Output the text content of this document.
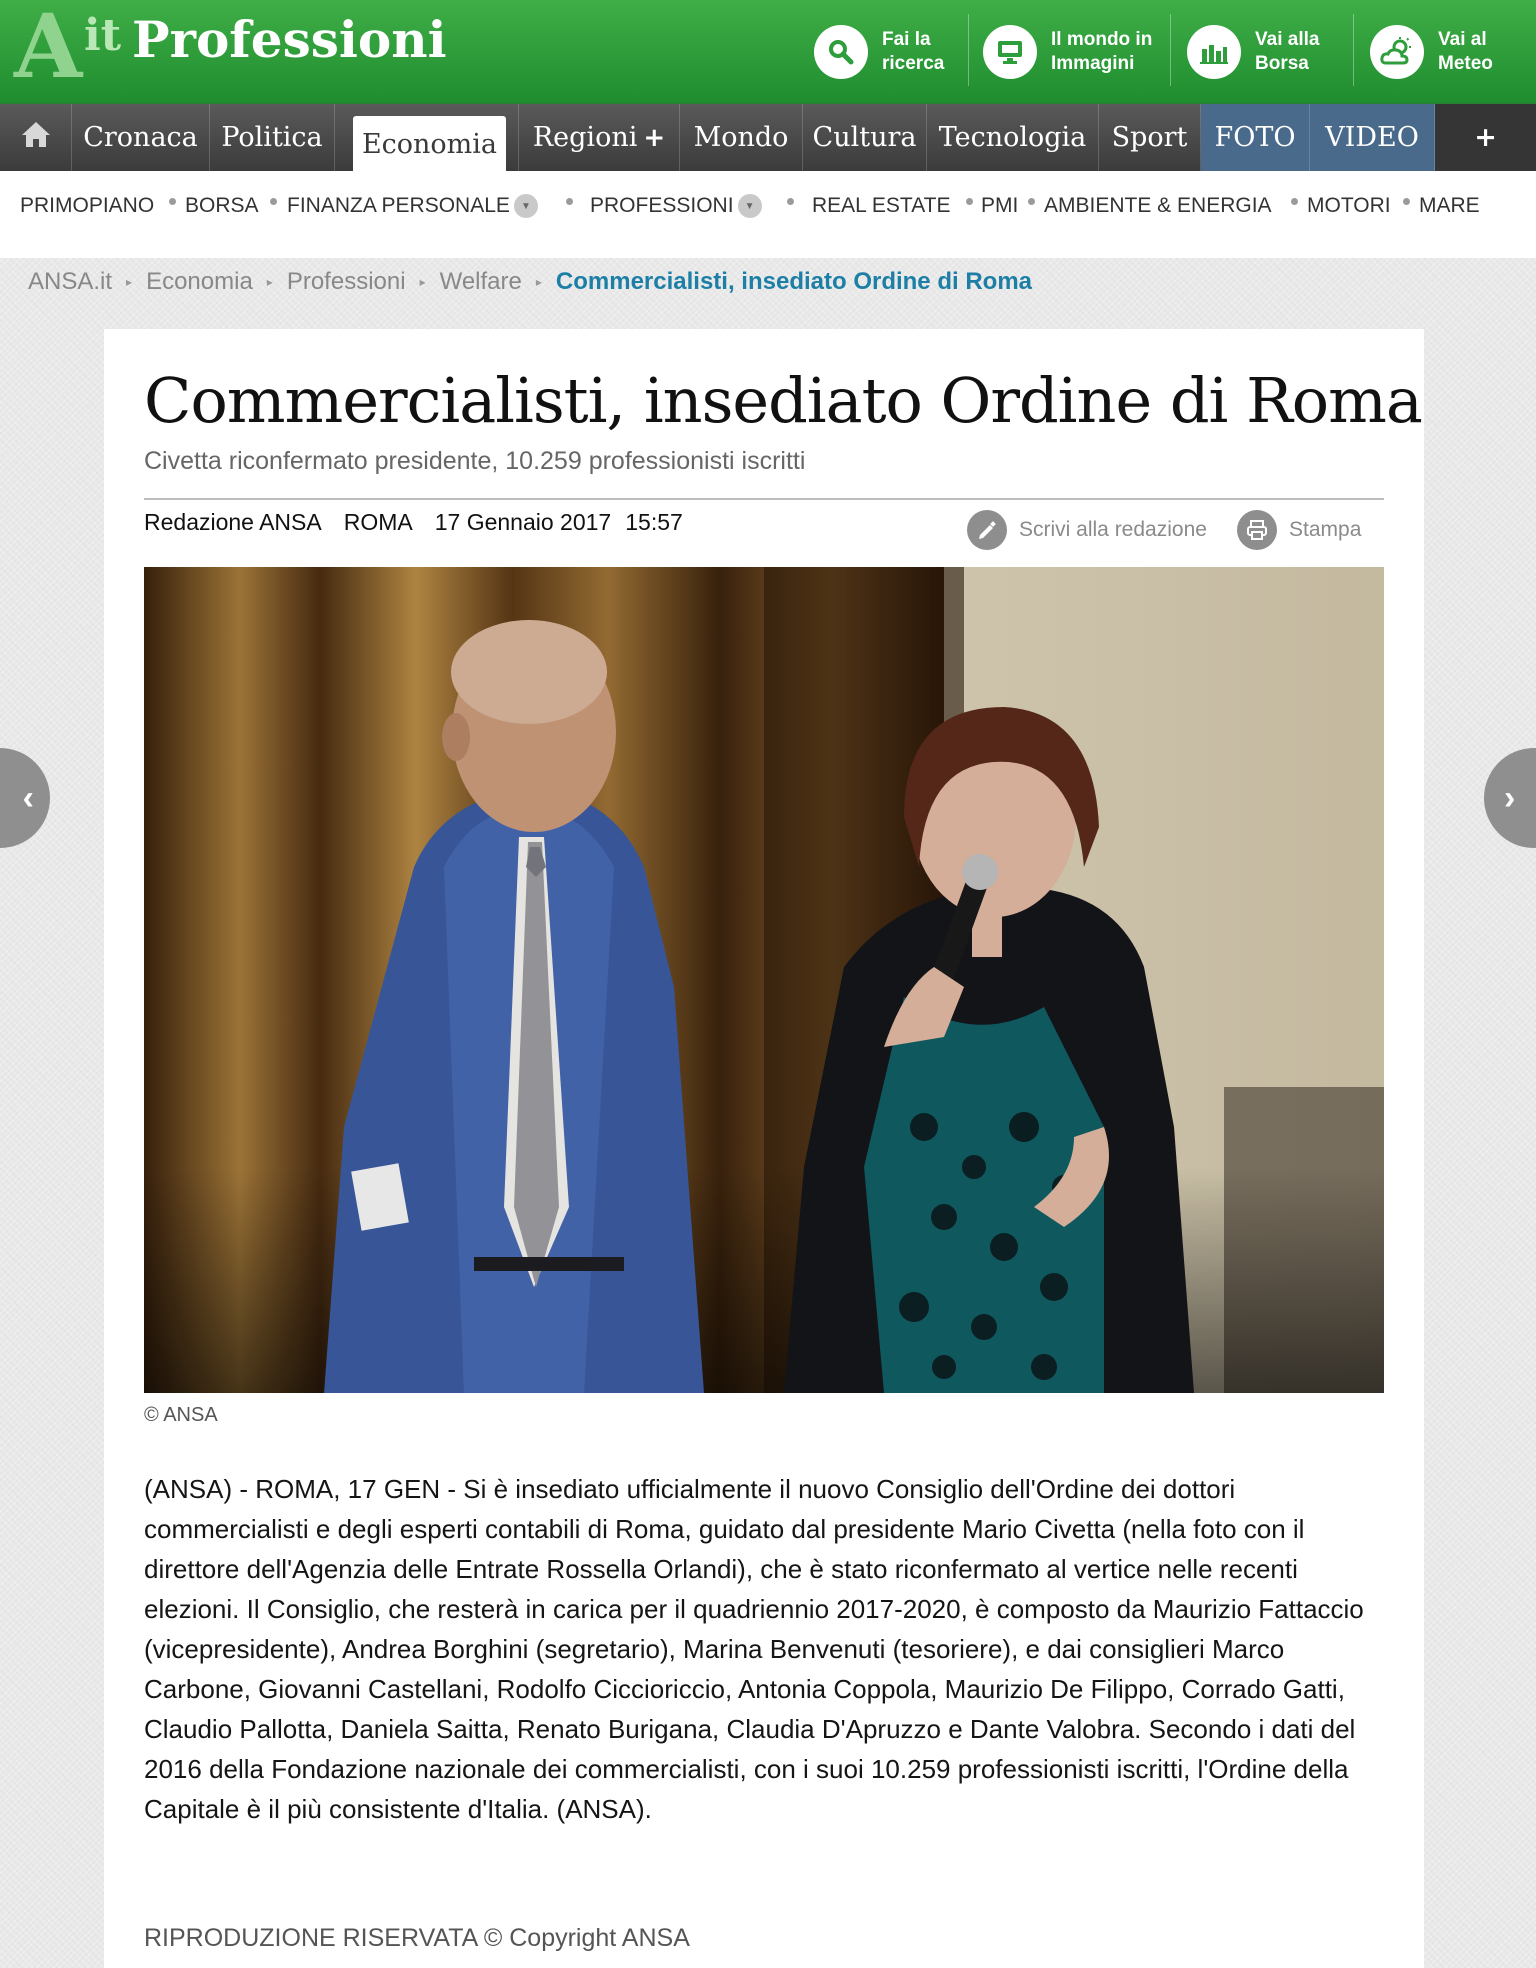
A it Professioni	Fai la
ricerca
Il mondo in
Immagini
Vai alla
Borsa
Vai al
Meteo
Cronaca Politica	Economia	Regioni +	Mondo Cultura Tecnologia Sport	FOTO	VIDEO	+
PRIMOPIANO BORSA FINANZA PERSONALE	▼	PROFESSIONI	▼	REAL ESTATE PMI AMBIENTE & ENERGIA MOTORI MARE
ANSA.it ▸ Economia ▸ Professioni ▸ Welfare ▸ Commercialisti, insediato Ordine di Roma
Commercialisti, insediato Ordine di Roma
Civetta riconfermato presidente, 10.259 professionisti iscritti
Redazione ANSA ROMA 17 Gennaio 2017 15:57	Scrivi alla redazione	Stampa
© ANSA

(ANSA) - ROMA, 17 GEN - Si è insediato ufficialmente il nuovo Consiglio dell'Ordine dei dottori commercialisti e degli esperti contabili di Roma, guidato dal presidente Mario Civetta (nella foto con il direttore dell'Agenzia delle Entrate Rossella Orlandi), che è stato riconfermato al vertice nelle recenti elezioni. Il Consiglio, che resterà in carica per il quadriennio 2017-2020, è composto da Maurizio Fattaccio (vicepresidente), Andrea Borghini (segretario), Marina Benvenuti (tesoriere), e dai consiglieri Marco Carbone, Giovanni Castellani, Rodolfo Ciccioriccio, Antonia Coppola, Maurizio De Filippo, Corrado Gatti, Claudio Pallotta, Daniela Saitta, Renato Burigana, Claudia D'Apruzzo e Dante Valobra. Secondo i dati del 2016 della Fondazione nazionale dei commercialisti, con i suoi 10.259 professionisti iscritti, l'Ordine della Capitale è il più consistente d'Italia. (ANSA).

RIPRODUZIONE RISERVATA © Copyright ANSA
‹	›
